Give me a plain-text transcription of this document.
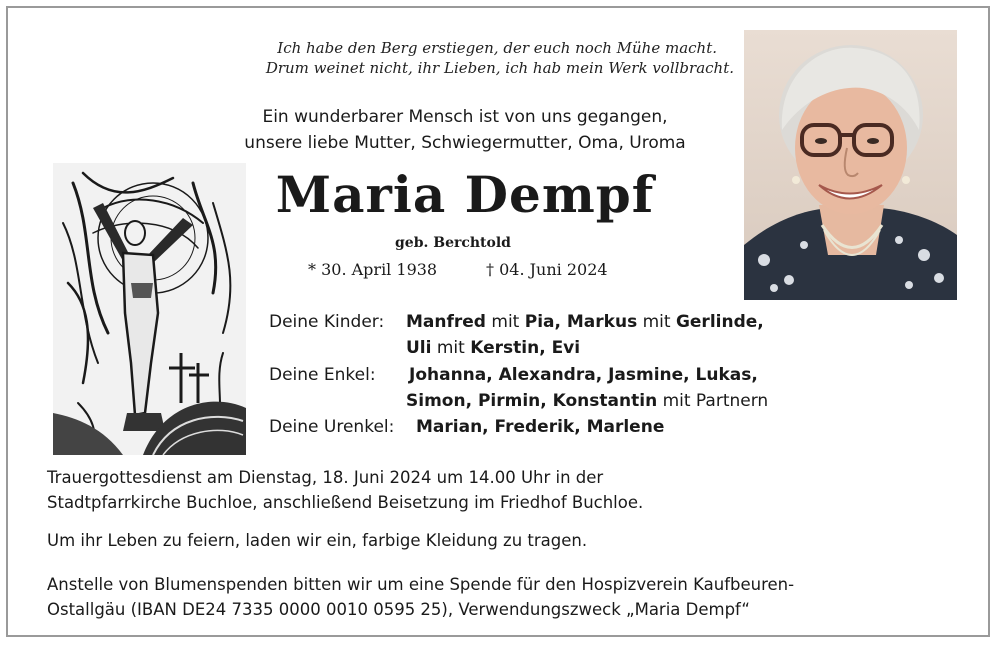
Ich habe den Berg erstiegen, der euch noch Mühe macht.
Drum weinet nicht, ihr Lieben, ich hab mein Werk vollbracht.
Ein wunderbarer Mensch ist von uns gegangen,
unsere liebe Mutter, Schwiegermutter, Oma, Uroma
Maria Dempf
geb. Berchtold
* 30. April 1938	† 04. Juni 2024
Deine Kinder: Manfred mit Pia, Markus mit Gerlinde,
Uli mit Kerstin, Evi
Deine Enkel: Johanna, Alexandra, Jasmine, Lukas,
Simon, Pirmin, Konstantin mit Partnern
Deine Urenkel: Marian, Frederik, Marlene
Trauergottesdienst am Dienstag, 18. Juni 2024 um 14.00 Uhr in der
Stadtpfarrkirche Buchloe, anschließend Beisetzung im Friedhof Buchloe.
Um ihr Leben zu feiern, laden wir ein, farbige Kleidung zu tragen.
Anstelle von Blumenspenden bitten wir um eine Spende für den Hospizverein Kaufbeuren-
Ostallgäu (IBAN DE24 7335 0000 0010 0595 25), Verwendungszweck „Maria Dempf“
